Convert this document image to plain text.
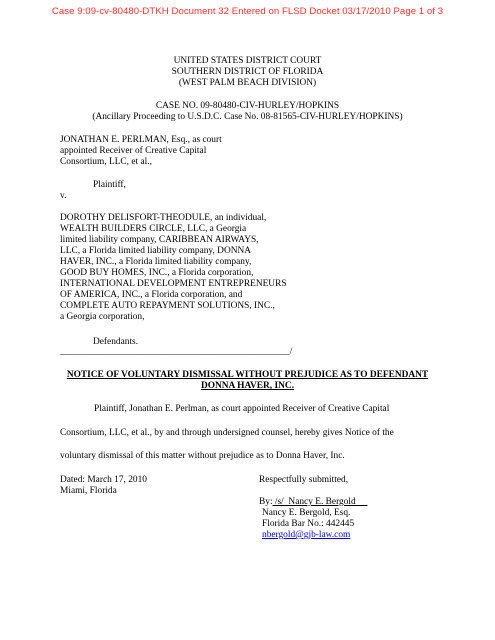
Case 9:09-cv-80480-DTKH Document 32 Entered on FLSD Docket 03/17/2010 Page 1 of 3
UNITED STATES DISTRICT COURT
SOUTHERN DISTRICT OF FLORIDA
(WEST PALM BEACH DIVISION)
CASE NO. 09-80480-CIV-HURLEY/HOPKINS
(Ancillary Proceeding to U.S.D.C. Case No. 08-81565-CIV-HURLEY/HOPKINS)
JONATHAN E. PERLMAN, Esq., as court
appointed Receiver of Creative Capital
Consortium, LLC, et al.,
Plaintiff,
v.
DOROTHY DELISFORT-THEODULE, an individual,
WEALTH BUILDERS CIRCLE, LLC, a Georgia
limited liability company, CARIBBEAN AIRWAYS,
LLC, a Florida limited liability company, DONNA
HAVER, INC., a Florida limited liability company,
GOOD BUY HOMES, INC., a Florida corporation,
INTERNATIONAL DEVELOPMENT ENTREPRENEURS
OF AMERICA, INC., a Florida corporation, and
COMPLETE AUTO REPAYMENT SOLUTIONS, INC.,
a Georgia corporation,
Defendants.
_________________________________________________/
NOTICE OF VOLUNTARY DISMISSAL WITHOUT PREJUDICE AS TO DEFENDANT
DONNA HAVER, INC.
Plaintiff, Jonathan E. Perlman, as court appointed Receiver of Creative Capital
Consortium, LLC, et al., by and through undersigned counsel, hereby gives Notice of the
voluntary dismissal of this matter without prejudice as to Donna Haver, Inc.
Dated: March 17, 2010
Miami, Florida
Respectfully submitted,
By: /s/  Nancy E. Bergold
Nancy E. Bergold, Esq.
Florida Bar No.: 442445
nbergold@gjb-law.com
